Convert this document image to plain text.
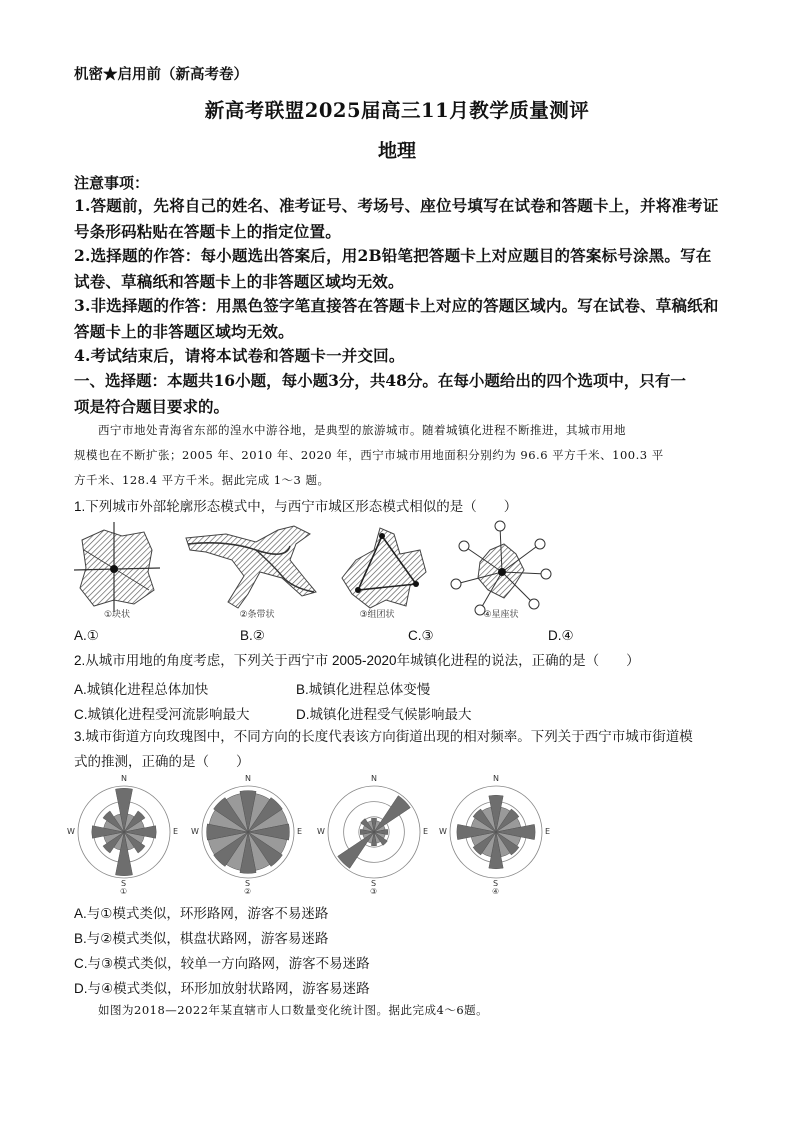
机密★启用前（新高考卷）
新高考联盟2025届高三11月教学质量测评
地理
注意事项：
1.答题前，先将自己的姓名、准考证号、考场号、座位号填写在试卷和答题卡上，并将准考证
号条形码粘贴在答题卡上的指定位置。
2.选择题的作答：每小题选出答案后，用2B铅笔把答题卡上对应题目的答案标号涂黑。写在
试卷、草稿纸和答题卡上的非答题区域均无效。
3.非选择题的作答：用黑色签字笔直接答在答题卡上对应的答题区域内。写在试卷、草稿纸和
答题卡上的非答题区域均无效。
4.考试结束后，请将本试卷和答题卡一并交回。
一、选择题：本题共16小题，每小题3分，共48分。在每小题给出的四个选项中，只有一
项是符合题目要求的。
西宁市地处青海省东部的湟水中游谷地，是典型的旅游城市。随着城镇化进程不断推进，其城市用地
规模也在不断扩张；2005 年、2010 年、2020 年，西宁市城市用地面积分别约为 96.6 平方千米、100.3 平
方千米、128.4 平方千米。据此完成 1～3 题。
1.下列城市外部轮廓形态模式中，与西宁市城区形态模式相似的是（　　）
①块状	②条带状	③组团状	④星座状
A.①	B.②	C.③	D.④
2.从城市用地的角度考虑，下列关于西宁市 2005-2020年城镇化进程的说法，正确的是（　　）
A.城镇化进程总体加快	B.城镇化进程总体变慢
C.城镇化进程受河流影响最大	D.城镇化进程受气候影响最大
3.城市街道方向玫瑰图中，不同方向的长度代表该方向街道出现的相对频率。下列关于西宁市城市街道模
式的推测，正确的是（　　）
N
S
E
W
①
N
S
E
W
②
N
S
E
W
③
N
S
E
W
④
A.与①模式类似，环形路网，游客不易迷路
B.与②模式类似，棋盘状路网，游客易迷路
C.与③模式类似，较单一方向路网，游客不易迷路
D.与④模式类似，环形加放射状路网，游客易迷路
如图为2018—2022年某直辖市人口数量变化统计图。据此完成4～6题。
